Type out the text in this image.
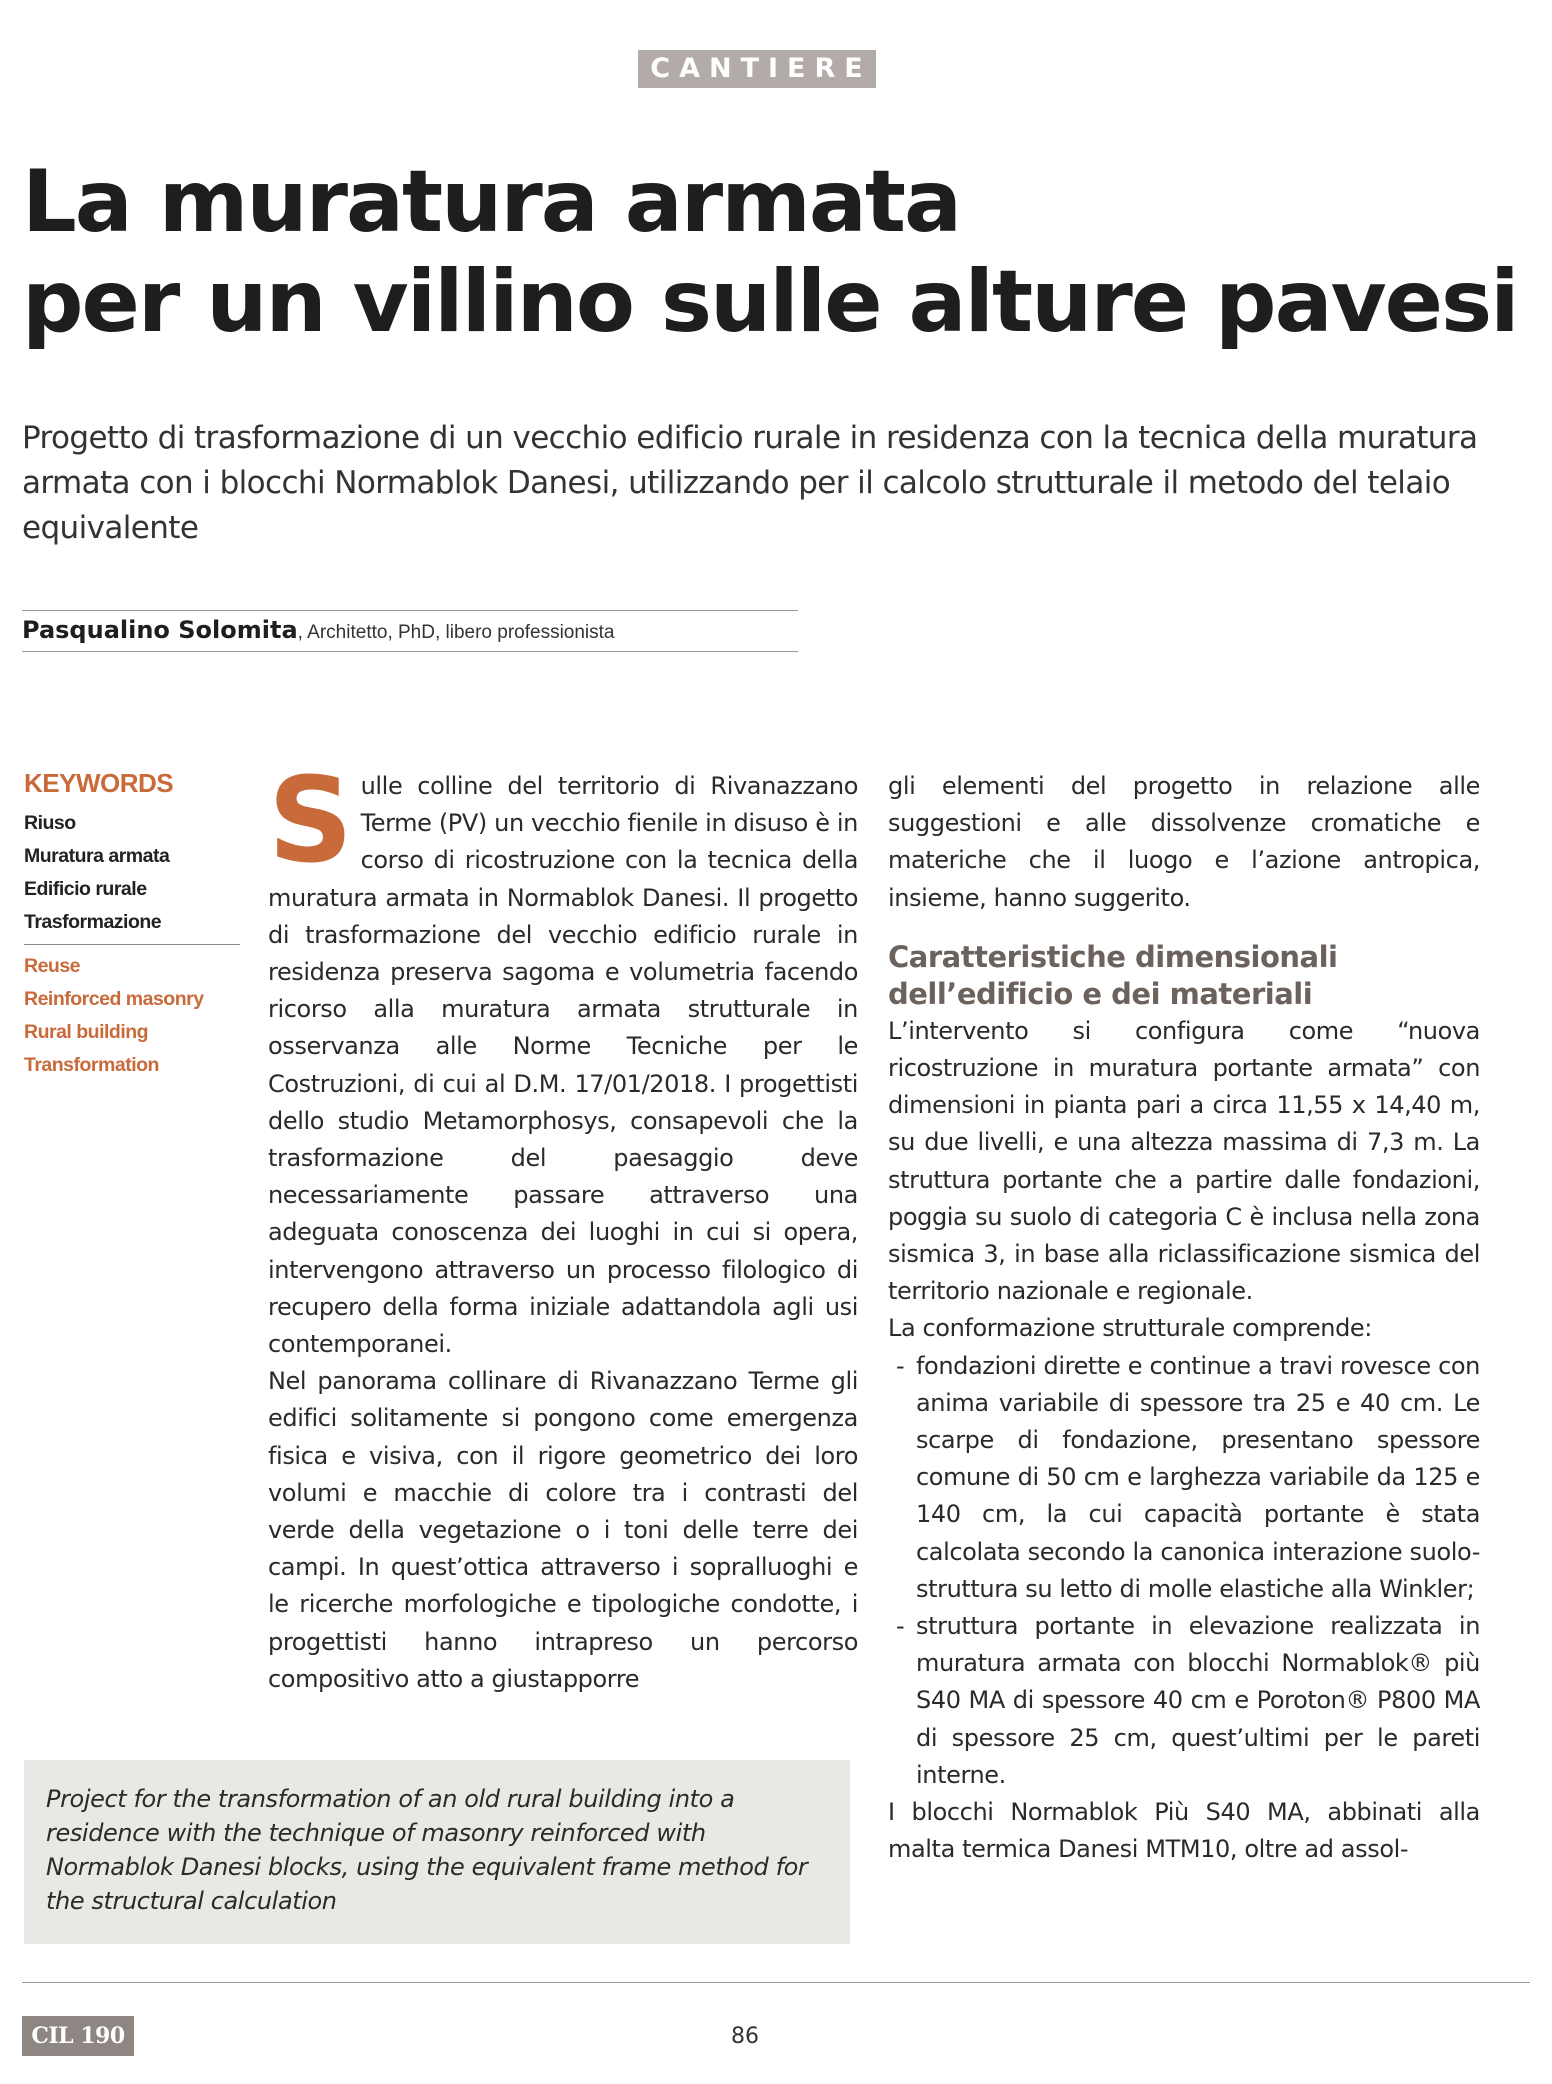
CANTIERE
La muratura armata
per un villino sulle alture pavesi

Progetto di trasformazione di un vecchio edificio rurale in residenza con la tecnica della muratura armata con i blocchi Normablok Danesi, utilizzando per il calcolo strutturale il metodo del telaio equivalente

Pasqualino Solomita, Architetto, PhD, libero professionista
KEYWORDS
Riuso
Muratura armata
Edificio rurale
Trasformazione
Reuse
Reinforced masonry
Rural building
Transformation
S ulle colline del territorio di Rivanazzano Terme (PV) un vecchio fienile in disuso è in corso di ricostruzione con la tecnica della muratura armata in Normablok Danesi. Il progetto di trasformazione del vecchio edificio rurale in residenza preserva sagoma e volumetria facendo ricorso alla muratura armata strutturale in osservanza alle Norme Tecniche per le Costruzioni, di cui al D.M. 17/01/2018. I progettisti dello studio Metamorphosys, consapevoli che la trasformazione del paesaggio deve necessariamente passare attraverso una adeguata conoscenza dei luoghi in cui si opera, intervengono attraverso un processo filologico di recupero della forma iniziale adattandola agli usi contemporanei.

Nel panorama collinare di Rivanazzano Terme gli edifici solitamente si pongono come emergenza fisica e visiva, con il rigore geometrico dei loro volumi e macchie di colore tra i contrasti del verde della vegetazione o i toni delle terre dei campi. In quest’ottica attraverso i sopralluoghi e le ricerche morfologiche e tipologiche condotte, i progettisti hanno intrapreso un percorso compositivo atto a giustapporre

gli elementi del progetto in relazione alle suggestioni e alle dissolvenze cromatiche e materiche che il luogo e l’azione antropica, insieme, hanno suggerito.

Caratteristiche dimensionali dell’edificio e dei materiali

L’intervento si configura come “nuova ricostruzione in muratura portante armata” con dimensioni in pianta pari a circa 11,55 x 14,40 m, su due livelli, e una altezza massima di 7,3 m. La struttura portante che a partire dalle fondazioni, poggia su suolo di categoria C è inclusa nella zona sismica 3, in base alla riclassificazione sismica del territorio nazionale e regionale.

La conformazione strutturale comprende:

- fondazioni dirette e continue a travi rovesce con anima variabile di spessore tra 25 e 40 cm. Le scarpe di fondazione, presentano spessore comune di 50 cm e larghezza variabile da 125 e 140 cm, la cui capacità portante è stata calcolata secondo la canonica interazione suolo-struttura su letto di molle elastiche alla Winkler;
- struttura portante in elevazione realizzata in muratura armata con blocchi Normablok® più S40 MA di spessore 40 cm e Poroton® P800 MA di spessore 25 cm, quest’ultimi per le pareti interne.

I blocchi Normablok Più S40 MA, abbinati alla malta termica Danesi MTM10, oltre ad assol-

Project for the transformation of an old rural building into a residence with the technique of masonry reinforced with Normablok Danesi blocks, using the equivalent frame method for the structural calculation

CIL 190	86
